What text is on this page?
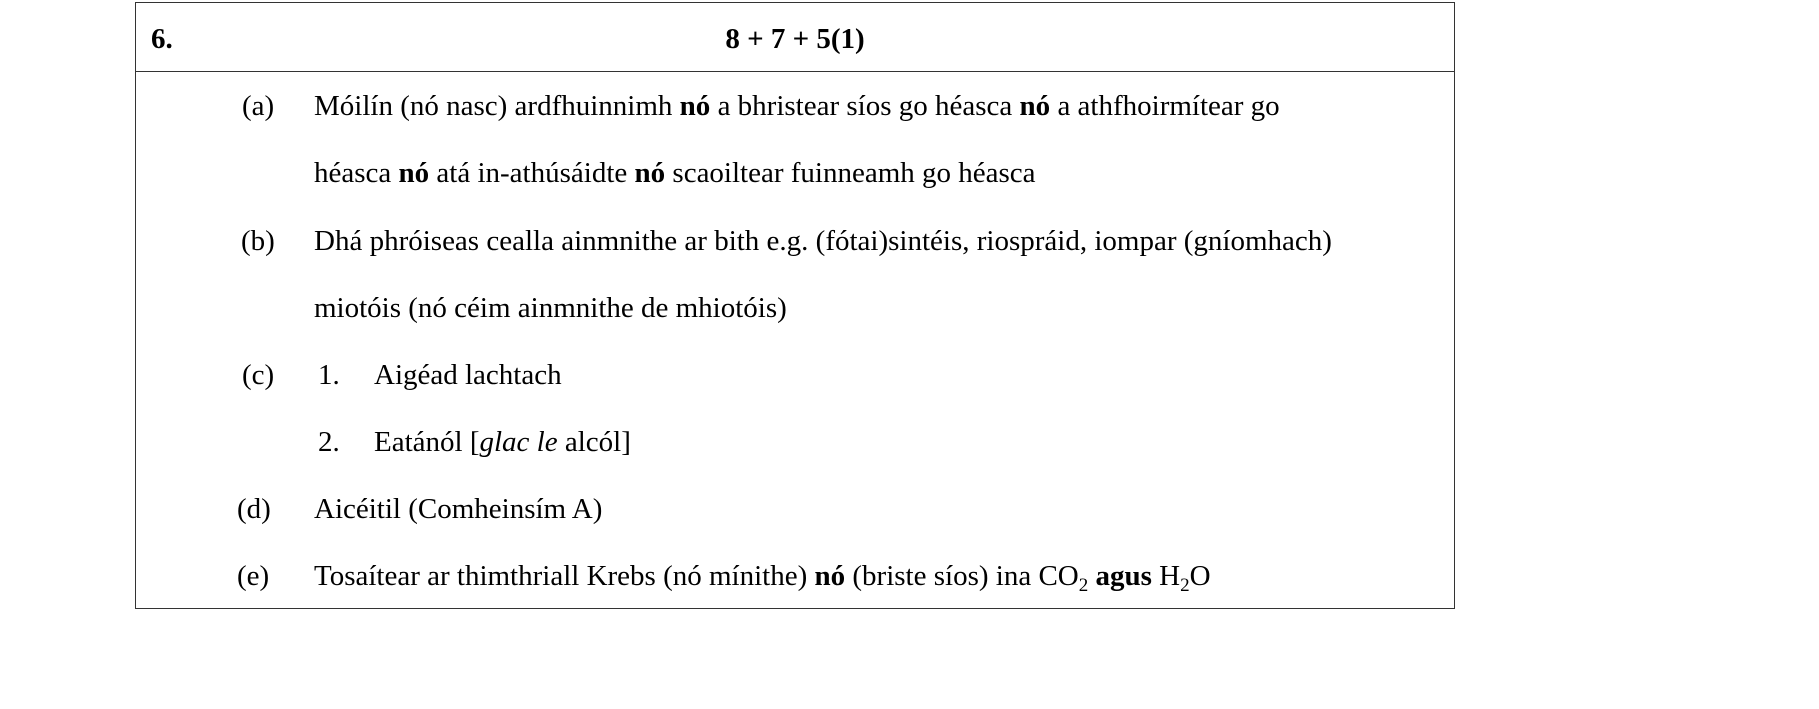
6.	8 + 7 + 5(1)
(a) Móilín (nó nasc) ardfhuinnimh nó a bhristear síos go héasca nó a athfhoirmítear go
héasca nó atá in-athúsáidte nó scaoiltear fuinneamh go héasca
(b) Dhá phróiseas cealla ainmnithe ar bith e.g. (fótai)sintéis, riospráid, iompar (gníomhach)
miotóis (nó céim ainmnithe de mhiotóis)
(c) 1. Aigéad lachtach
2. Eatánól [glac le alcól]
(d) Aicéitil (Comheinsím A)
(e) Tosaítear ar thimthriall Krebs (nó mínithe) nó (briste síos) ina $CO_2$ agus $H_2O$
